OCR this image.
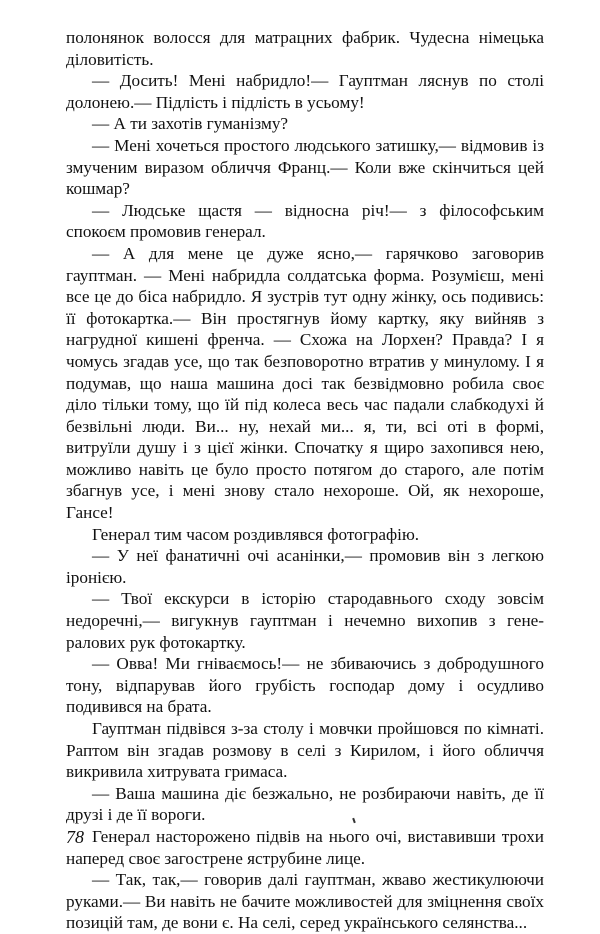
полонянок волосся для матрацних фабрик. Чудесна німецька діловитість.

— Досить! Мені набридло!— Гауптман ляснув по столі долонею.— Підлість і підлість в усьому!

— А ти захотів гуманізму?

— Мені хочеться простого людського затишку,— відмовив із змученим виразом обличчя Франц.— Коли вже скінчиться цей кошмар?

— Людське щастя — відносна річ!— з філософським спокоєм промовив генерал.

— А для мене це дуже ясно,— гарячково заговорив гауптман. — Мені набридла солдатська форма. Розумієш, мені все це до біса набридло. Я зустрів тут одну жінку, ось подивись: її фотокартка.— Він простягнув йому картку, яку вийняв з нагрудної кишені френча. — Схожа на Лорхен? Правда? І я чомусь згадав усе, що так безповоротно втратив у минулому. І я подумав, що наша машина досі так безвідмовно робила своє діло тільки тому, що їй під колеса весь час падали слабкодухі й безвільні люди. Ви... ну, нехай ми... я, ти, всі оті в формі, витруїли душу і з цієї жінки. Спочатку я щиро захопився нею, можливо навіть це було просто потягом до старого, але потім збагнув усе, і мені знову стало нехороше. Ой, як нехороше, Гансе!

Генерал тим часом роздивлявся фотографію.

— У неї фанатичні очі асанінки,— промовив він з легкою іронією.

— Твої екскурси в історію стародавнього сходу зовсім недоречні,— вигукнув гауптман і нечемно вихопив з генералових рук фотокартку.

— Овва! Ми гніваємось!— не збиваючись з добродушного тону, відпарував його грубість господар дому і осудливо подивився на брата.

Гауптман підвівся з-за столу і мовчки пройшовся по кімнаті. Раптом він згадав розмову в селі з Кирилом, і його обличчя викривила хитрувата гримаса.

— Ваша машина діє безжально, не розбираючи навіть, де її друзі і де її вороги.

Генерал насторожено підвів на нього очі, виставивши трохи наперед своє загострене яструбине лице.

— Так, так,— говорив далі гауптман, жваво жестикулюючи руками.— Ви навіть не бачите можливостей для зміцнення своїх позицій там, де вони є. На селі, серед українського селянства...

78
